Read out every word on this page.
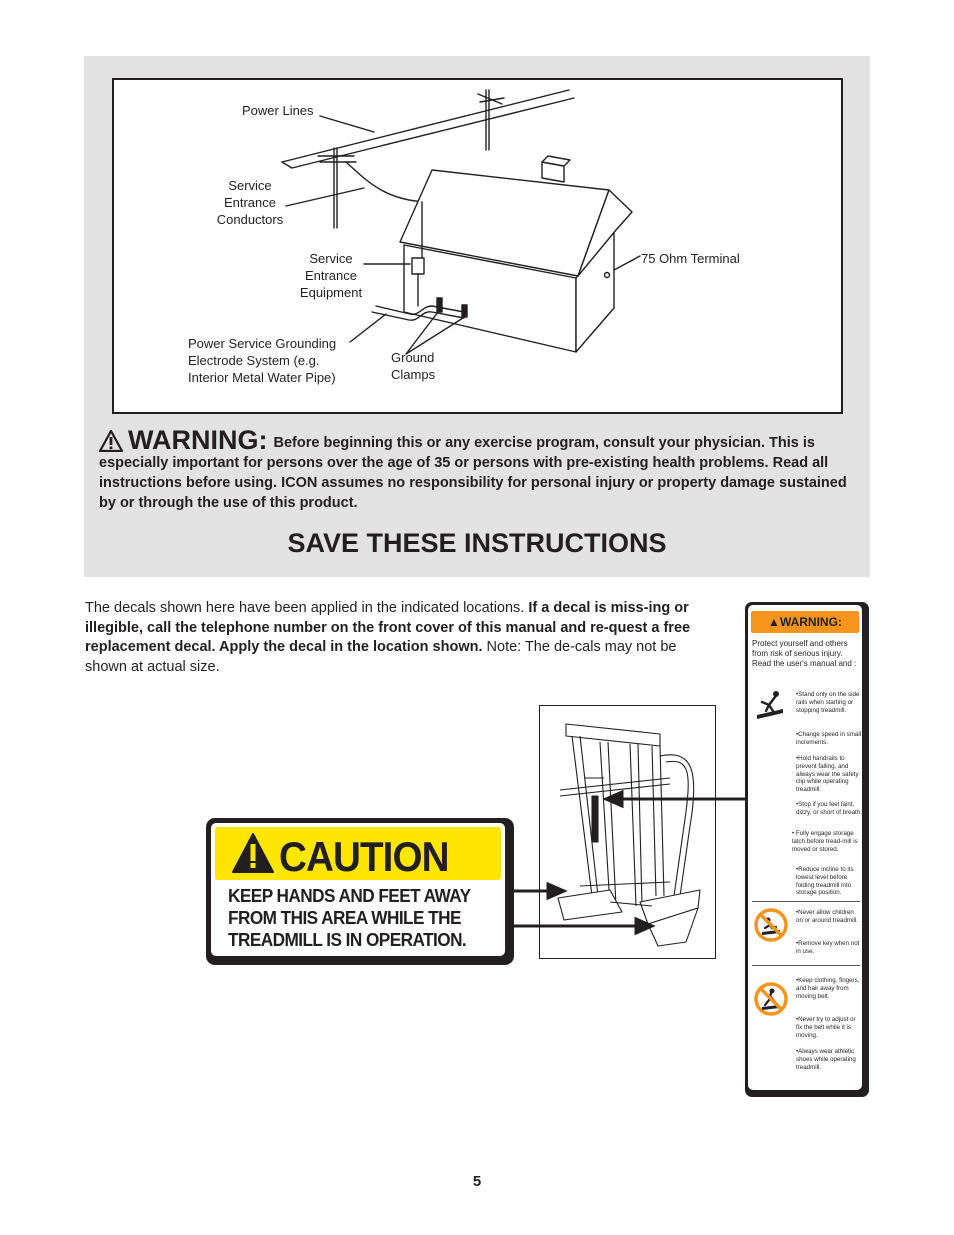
Power Lines
Service
Entrance
Conductors
Service
Entrance
Equipment
Power Service Grounding
Electrode System (e.g.
Interior Metal Water Pipe)
Ground
Clamps
75 Ohm Terminal
WARNING: Before beginning this or any exercise program, consult your physician. This is especially important for persons over the age of 35 or persons with pre-existing health problems. Read all instructions before using. ICON assumes no responsibility for personal injury or property damage sustained by or through the use of this product.
SAVE THESE INSTRUCTIONS
The decals shown here have been applied in the indicated locations. If a decal is miss-ing or illegible, call the telephone number on the front cover of this manual and re-quest a free replacement decal. Apply the decal in the location shown. Note: The de-cals may not be shown at actual size.
CAUTION
KEEP HANDS AND FEET AWAY
FROM THIS AREA WHILE THE
TREADMILL IS IN OPERATION.
▲WARNING:
Protect yourself and others from risk of serious injury. Read the user's manual and :
•Stand only on the side rails when starting or stopping treadmill.
•Change speed in small increments.
•Hold handrails to prevent falling, and always wear the safety clip while operating treadmill.
•Stop if you feel faint, dizzy, or short of breath.
• Fully engage storage latch before tread-mill is moved or stored.
•Reduce incline to its lowest level before folding treadmill into storage position.
•Never allow children on or around treadmill.
•Remove key when not in use.
•Keep clothing, fingers, and hair away from moving belt.
•Never try to adjust or fix the belt while it is moving.
•Always wear athletic shoes while operating treadmill.
5
